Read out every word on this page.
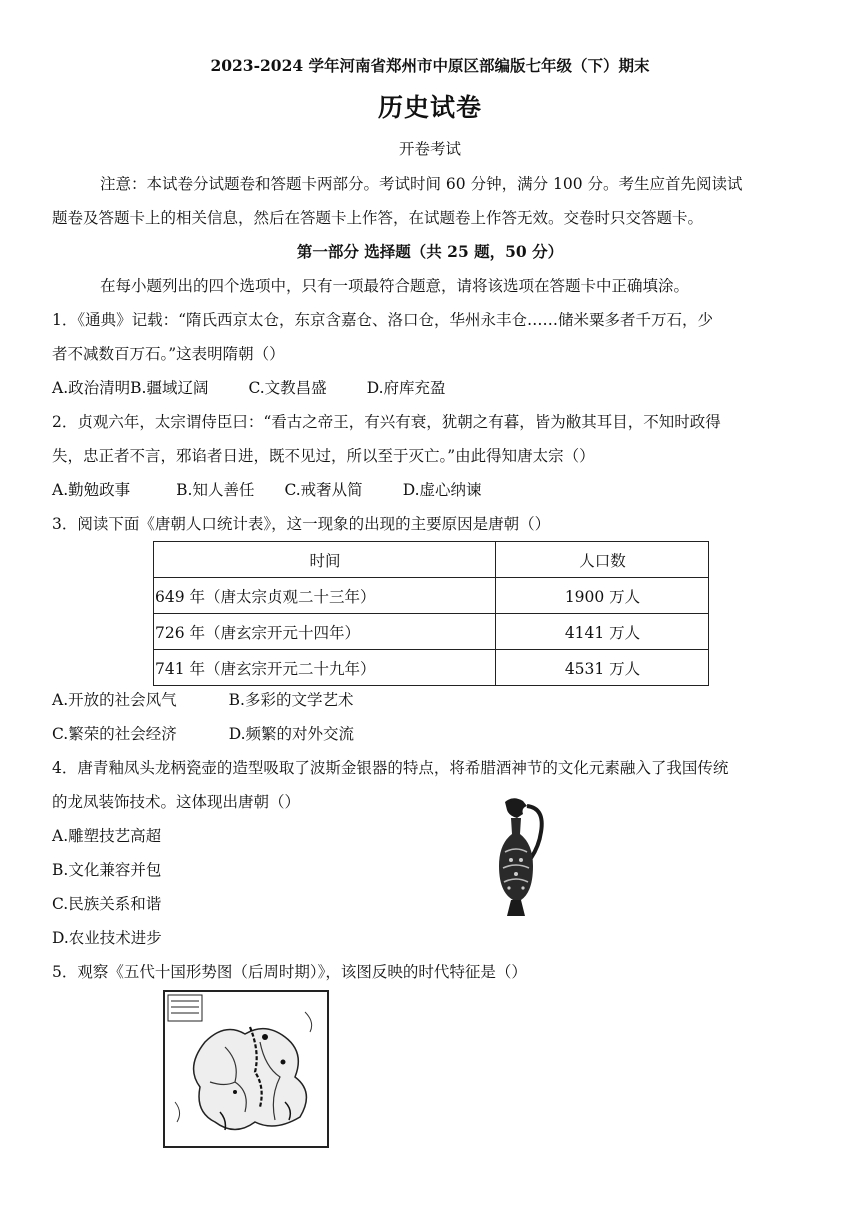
2023-2024 学年河南省郑州市中原区部编版七年级（下）期末
历史试卷
开卷考试
注意：本试卷分试题卷和答题卡两部分。考试时间 60 分钟，满分 100 分。考生应首先阅读试
题卷及答题卡上的相关信息，然后在答题卡上作答，在试题卷上作答无效。交卷时只交答题卡。
第一部分 选择题（共 25 题，50 分）
在每小题列出的四个选项中，只有一项最符合题意，请将该选项在答题卡中正确填涂。
1．《通典》记载：“隋氏西京太仓，东京含嘉仓、洛口仓，华州永丰仓……储米粟多者千万石，少
者不减数百万石。”这表明隋朝（）
A.政治清明B.疆域辽阔	C.文教昌盛	D.府库充盈
2．贞观六年，太宗谓侍臣曰：“看古之帝王，有兴有衰，犹朝之有暮，皆为敝其耳目，不知时政得
失，忠正者不言，邪谄者日进，既不见过，所以至于灭亡。”由此得知唐太宗（）
A.勤勉政事	B.知人善任 C.戒奢从简	D.虚心纳谏
3．阅读下面《唐朝人口统计表》，这一现象的出现的主要原因是唐朝（）
时间	人口数
649 年（唐太宗贞观二十三年）	1900 万人
726 年（唐玄宗开元十四年）	4141 万人
741 年（唐玄宗开元二十九年）	4531 万人
A.开放的社会风气	B.多彩的文学艺术
C.繁荣的社会经济	D.频繁的对外交流
4．唐青釉凤头龙柄瓷壶的造型吸取了波斯金银器的特点，将希腊酒神节的文化元素融入了我国传统
的龙凤装饰技术。这体现出唐朝（）
A.雕塑技艺高超
B.文化兼容并包
C.民族关系和谐
D.农业技术进步
5．观察《五代十国形势图（后周时期）》，该图反映的时代特征是（）
